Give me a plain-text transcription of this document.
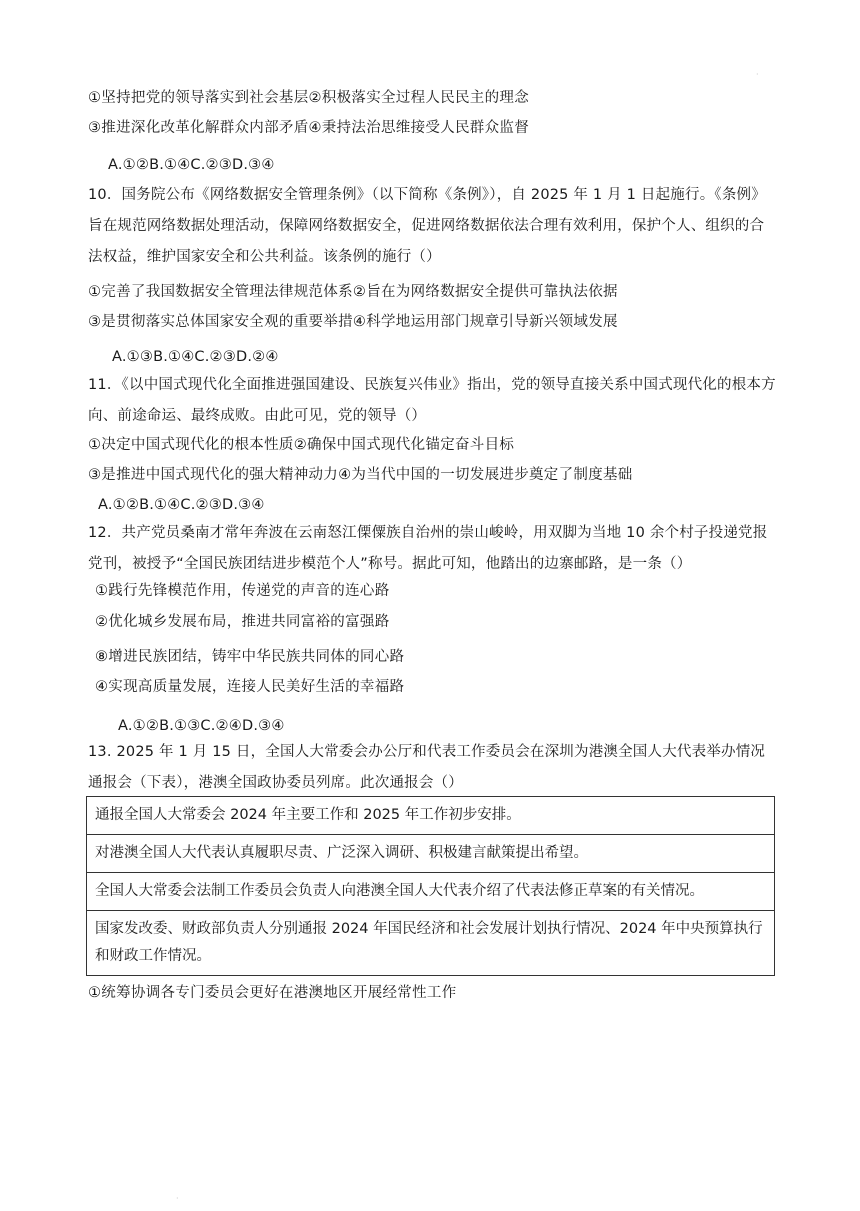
①坚持把党的领导落实到社会基层②积极落实全过程人民民主的理念
③推进深化改革化解群众内部矛盾④秉持法治思维接受人民群众监督
A.①②B.①④C.②③D.③④
10．国务院公布《网络数据安全管理条例》（以下简称《条例》），自 2025 年 1 月 1 日起施行。《条例》旨在规范网络数据处理活动，保障网络数据安全，促进网络数据依法合理有效利用，保护个人、组织的合法权益，维护国家安全和公共利益。该条例的施行（）
①完善了我国数据安全管理法律规范体系②旨在为网络数据安全提供可靠执法依据
③是贯彻落实总体国家安全观的重要举措④科学地运用部门规章引导新兴领域发展
A.①③B.①④C.②③D.②④
11．《以中国式现代化全面推进强国建设、民族复兴伟业》指出，党的领导直接关系中国式现代化的根本方向、前途命运、最终成败。由此可见，党的领导（）
①决定中国式现代化的根本性质②确保中国式现代化锚定奋斗目标
③是推进中国式现代化的强大精神动力④为当代中国的一切发展进步奠定了制度基础
A.①②B.①④C.②③D.③④
12．共产党员桑南才常年奔波在云南怒江傈僳族自治州的崇山峻岭，用双脚为当地 10 余个村子投递党报党刊，被授予“全国民族团结进步模范个人”称号。据此可知，他踏出的边寨邮路，是一条（）
①践行先锋模范作用，传递党的声音的连心路
②优化城乡发展布局，推进共同富裕的富强路
⑧增进民族团结，铸牢中华民族共同体的同心路
④实现高质量发展，连接人民美好生活的幸福路
A.①②B.①③C.②④D.③④
13. 2025 年 1 月 15 日，全国人大常委会办公厅和代表工作委员会在深圳为港澳全国人大代表举办情况通报会（下表），港澳全国政协委员列席。此次通报会（）
通报全国人大常委会 2024 年主要工作和 2025 年工作初步安排。
对港澳全国人大代表认真履职尽责、广泛深入调研、积极建言献策提出希望。
全国人大常委会法制工作委员会负责人向港澳全国人大代表介绍了代表法修正草案的有关情况。
国家发改委、财政部负责人分别通报 2024 年国民经济和社会发展计划执行情况、2024 年中央预算执行和财政工作情况。
①统筹协调各专门委员会更好在港澳地区开展经常性工作
·
·
